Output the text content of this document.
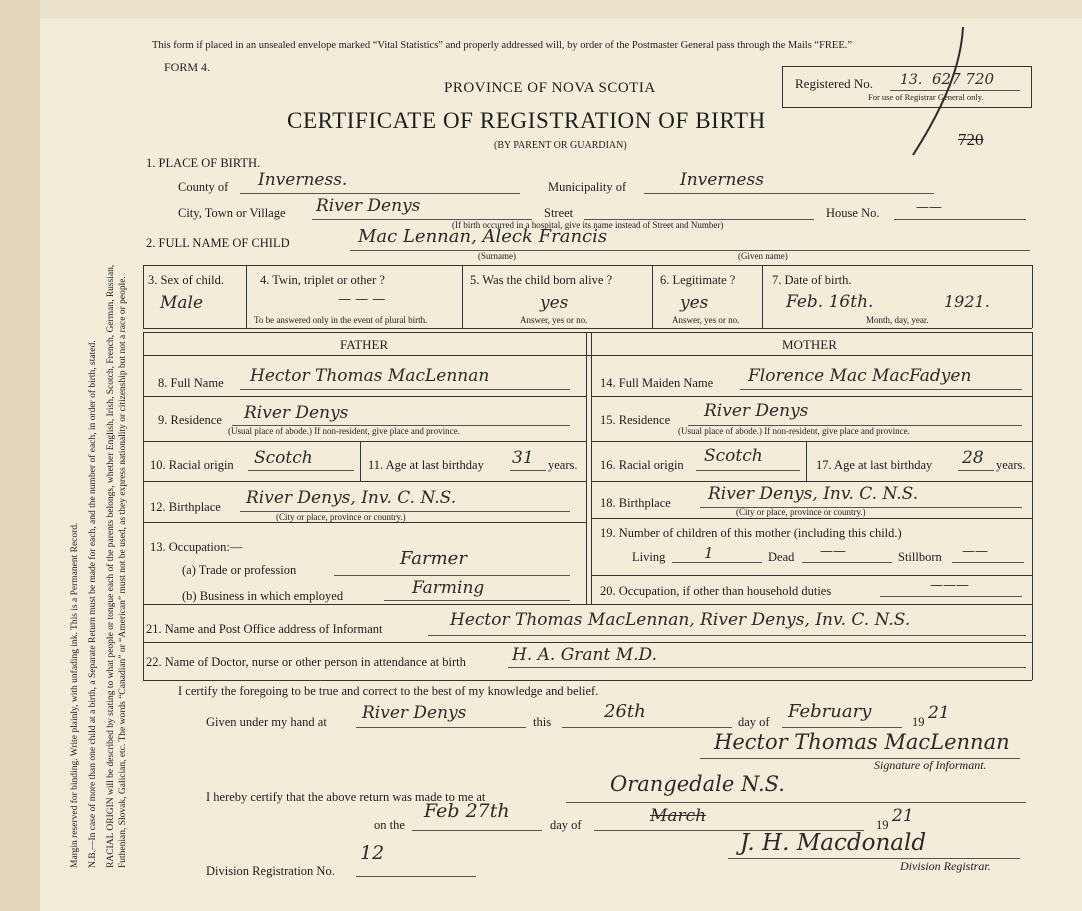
Margin reserved for binding. Write plainly, with unfading ink. This is a Permanent Record. N.B.—In case of more than one child at a birth, a Separate Return must be made for each, and the number of each, in order of birth, stated. RACIAL ORIGIN will be described by stating to what people or tongue each of the parents belongs, whether English, Irish, Scotch, French, German, Russian, Futhenian, Slovak, Galician, etc. The words “Canadian” or “American” must not be used, as they express nationality or citizenship but not a race or people.
This form if placed in an unsealed envelope marked “Vital Statistics” and properly addressed will, by order of the Postmaster General pass through the Mails “FREE.”
FORM 4.
PROVINCE OF NOVA SCOTIA
CERTIFICATE OF REGISTRATION OF BIRTH
(BY PARENT OR GUARDIAN)
Registered No. 13. 627 720
For use of Registrar General only.
720
1. PLACE OF BIRTH.
County of Inverness.	Municipality of	Inverness
City, Town or Village River Denys	Street
(If birth occurred in a hospital, give its name instead of Street and Number)
House No.	——
2. FULL NAME OF CHILD	Mac Lennan, Aleck Francis
(Surname)	(Given name)
3. Sex of child.
Male
4. Twin, triplet or other ?
— — —
To be answered only in the event of plural birth.
5. Was the child born alive ?
yes
Answer, yes or no.
6. Legitimate ?
yes
Answer, yes or no.
7. Date of birth.
Feb. 16th.	1921.
Month, day, year.
FATHER	MOTHER
8. Full Name Hector Thomas MacLennan
9. Residence River Denys
(Usual place of abode.) If non-resident, give place and province.
10. Racial origin Scotch	11. Age at last birthday 31 years.
12. Birthplace River Denys, Inv. C. N.S.
(City or place, province or country.)
13. Occupation:—
(a) Trade or profession
Farmer
(b) Business in which employed	Farming
14. Full Maiden Name Florence Mac MacFadyen
15. Residence River Denys
(Usual place of abode.) If non-resident, give place and province.
16. Racial origin Scotch	17. Age at last birthday 28 years.
18. Birthplace River Denys, Inv. C. N.S.
(City or place, province or country.)
19. Number of children of this mother (including this child.)
Living	1	Dead ——	Stillborn ——
20. Occupation, if other than household duties	———
21. Name and Post Office address of Informant	Hector Thomas MacLennan, River Denys, Inv. C. N.S.
22. Name of Doctor, nurse or other person in attendance at birth	H. A. Grant M.D.
I certify the foregoing to be true and correct to the best of my knowledge and belief.
Given under my hand at River Denys	this	26th	day of February	19 21
Hector Thomas MacLennan
Signature of Informant.
I hereby certify that the above return was made to me at
Orangedale N.S.
on the
Feb 27th
day of	March	19 21
Division Registration No.
12	J. H. Macdonald
Division Registrar.
